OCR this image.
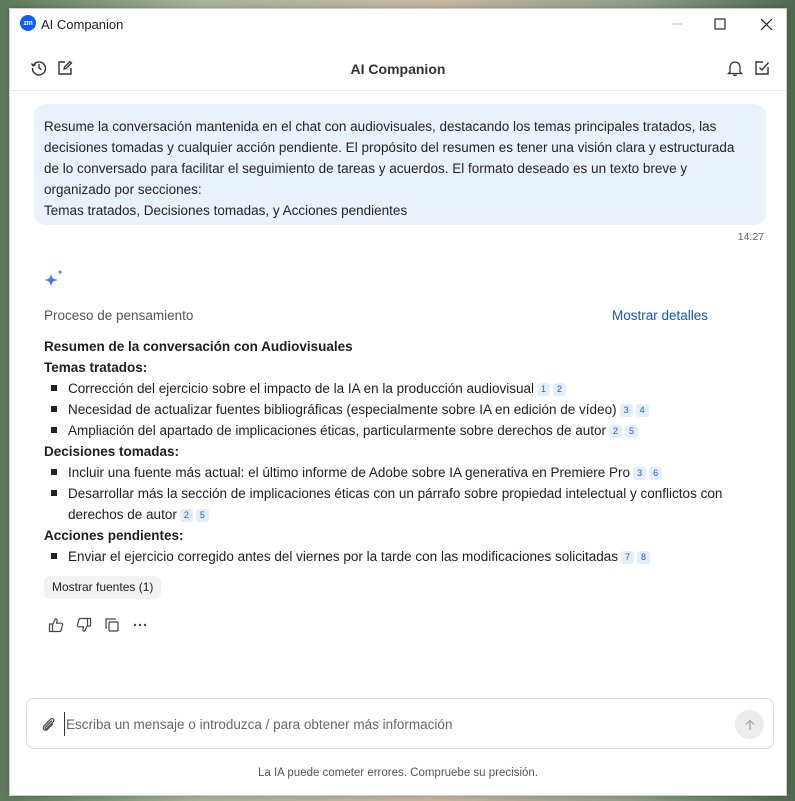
zm AI Companion
AI Companion
Resume la conversación mantenida en el chat con audiovisuales, destacando los temas principales tratados, las
decisiones tomadas y cualquier acción pendiente. El propósito del resumen es tener una visión clara y estructurada
de lo conversado para facilitar el seguimiento de tareas y acuerdos. El formato deseado es un texto breve y
organizado por secciones:
Temas tratados, Decisiones tomadas, y Acciones pendientes
14:27
Proceso de pensamiento	Mostrar detalles
Resumen de la conversación con Audiovisuales
Temas tratados:
Corrección del ejercicio sobre el impacto de la IA en la producción audiovisual 1 2
Necesidad de actualizar fuentes bibliográficas (especialmente sobre IA en edición de vídeo) 3 4
Ampliación del apartado de implicaciones éticas, particularmente sobre derechos de autor 2 5
Decisiones tomadas:
Incluir una fuente más actual: el último informe de Adobe sobre IA generativa en Premiere Pro 3 6
Desarrollar más la sección de implicaciones éticas con un párrafo sobre propiedad intelectual y conflictos con derechos de autor 2 5
Acciones pendientes:
Enviar el ejercicio corregido antes del viernes por la tarde con las modificaciones solicitadas 7 8
Mostrar fuentes (1)
Escriba un mensaje o introduzca / para obtener más información
La IA puede cometer errores. Compruebe su precisión.
